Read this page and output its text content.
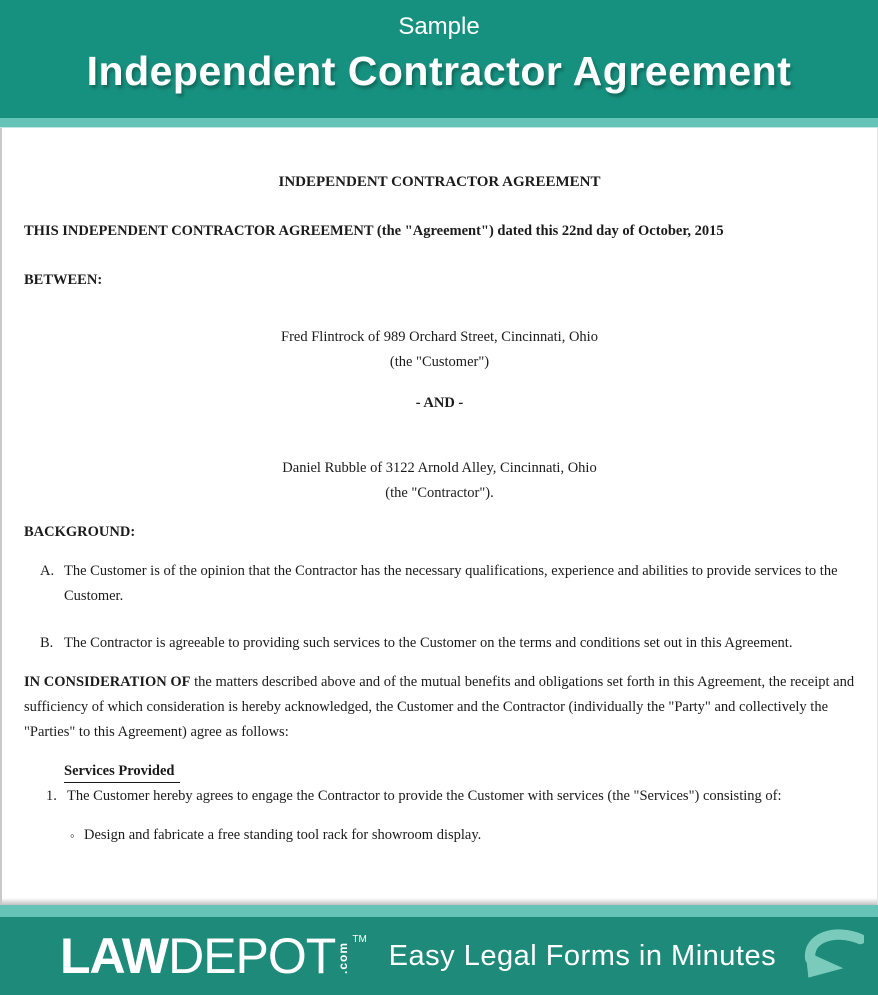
Sample
Independent Contractor Agreement
INDEPENDENT CONTRACTOR AGREEMENT

THIS INDEPENDENT CONTRACTOR AGREEMENT (the "Agreement") dated this 22nd day of October, 2015

BETWEEN:

Fred Flintrock of 989 Orchard Street, Cincinnati, Ohio
(the "Customer")

- AND -

Daniel Rubble of 3122 Arnold Alley, Cincinnati, Ohio
(the "Contractor").

BACKGROUND:

A. The Customer is of the opinion that the Contractor has the necessary qualifications, experience and abilities to provide services to the Customer.
B. The Contractor is agreeable to providing such services to the Customer on the terms and conditions set out in this Agreement.

IN CONSIDERATION OF the matters described above and of the mutual benefits and obligations set forth in this Agreement, the receipt and sufficiency of which consideration is hereby acknowledged, the Customer and the Contractor (individually the "Party" and collectively the "Parties" to this Agreement) agree as follows:

Services Provided

1. The Customer hereby agrees to engage the Contractor to provide the Customer with services (the "Services") consisting of:
◦ Design and fabricate a free standing tool rack for showroom display.
LAWDEPOT .com
TM Easy Legal Forms in Minutes
